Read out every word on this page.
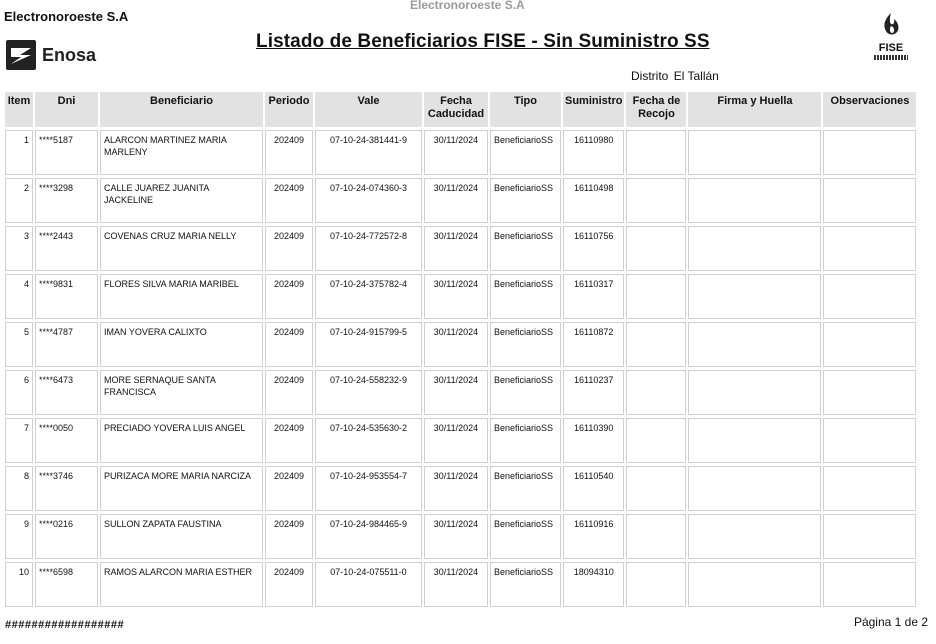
Electronoroeste S.A
Electronoroeste S.A
Enosa
Listado de Beneficiarios FISE - Sin Suministro SS	FISE
Distrito El Tallán
Item	Dni	Beneficiario	Periodo	Vale	Fecha Caducidad	Tipo	Suministro	Fecha de Recojo	Firma y Huella	Observaciones
1	****5187	ALARCON MARTINEZ MARIA MARLENY	202409	07-10-24-381441-9	30/11/2024	BeneficiarioSS	16110980			
2	****3298	CALLE JUAREZ JUANITA JACKELINE	202409	07-10-24-074360-3	30/11/2024	BeneficiarioSS	16110498			
3	****2443	COVENAS CRUZ MARIA NELLY	202409	07-10-24-772572-8	30/11/2024	BeneficiarioSS	16110756			
4	****9831	FLORES SILVA MARIA MARIBEL	202409	07-10-24-375782-4	30/11/2024	BeneficiarioSS	16110317			
5	****4787	IMAN YOVERA CALIXTO	202409	07-10-24-915799-5	30/11/2024	BeneficiarioSS	16110872			
6	****6473	MORE SERNAQUE SANTA FRANCISCA	202409	07-10-24-558232-9	30/11/2024	BeneficiarioSS	16110237			
7	****0050	PRECIADO YOVERA LUIS ANGEL	202409	07-10-24-535630-2	30/11/2024	BeneficiarioSS	16110390			
8	****3746	PURIZACA MORE MARIA NARCIZA	202409	07-10-24-953554-7	30/11/2024	BeneficiarioSS	16110540			
9	****0216	SULLON ZAPATA FAUSTINA	202409	07-10-24-984465-9	30/11/2024	BeneficiarioSS	16110916			
10	****6598	RAMOS ALARCON MARIA ESTHER	202409	07-10-24-075511-0	30/11/2024	BeneficiarioSS	18094310			
##################	Página 1 de 2
